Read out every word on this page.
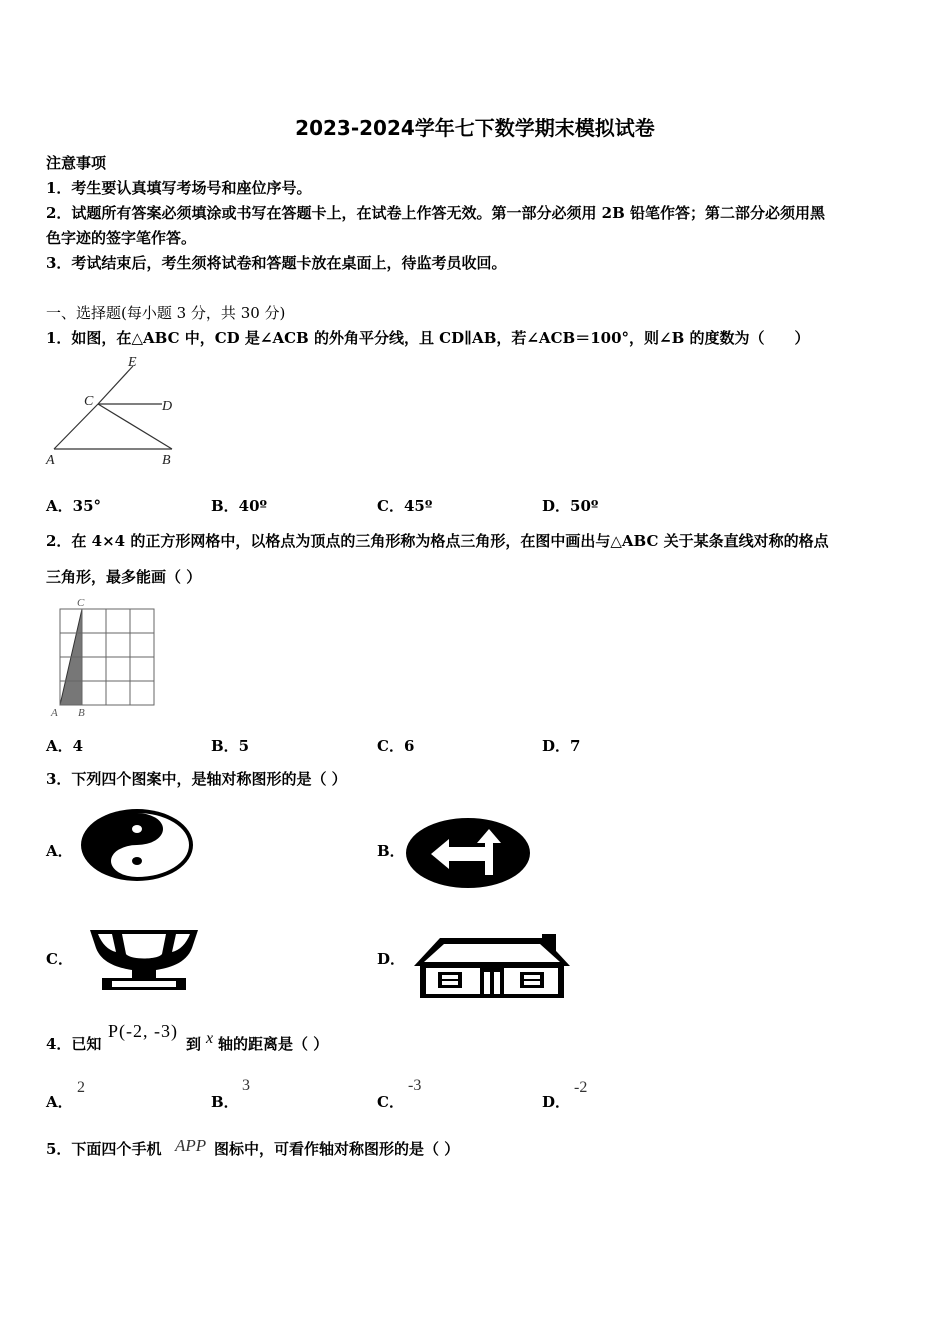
2023-2024学年七下数学期末模拟试卷
注意事项
1．考生要认真填写考场号和座位序号。
2．试题所有答案必须填涂或书写在答题卡上，在试卷上作答无效。第一部分必须用 2B 铅笔作答；第二部分必须用黑
色字迹的签字笔作答。
3．考试结束后，考生须将试卷和答题卡放在桌面上，待监考员收回。
一、选择题(每小题 3 分，共 30 分)
1．如图，在△ABC 中，CD 是∠ACB 的外角平分线，且 CD∥AB，若∠ACB＝100°，则∠B 的度数为（　　）
E
C	D
A	B
A．35°	B．40º	C．45º	D．50º
2．在 4×4 的正方形网格中，以格点为顶点的三角形称为格点三角形，在图中画出与△ABC 关于某条直线对称的格点
三角形，最多能画（ ）
C
A B
A．4	B．5	C．6	D．7
3．下列四个图案中，是轴对称图形的是（ ）
A．	B．
C．	D．
4．已知
P(-2, -3)
到 x 轴的距离是（ ）
A．
2
B．
3
C．
-3
D．
-2
5．下面四个手机 APP 图标中，可看作轴对称图形的是（ ）
